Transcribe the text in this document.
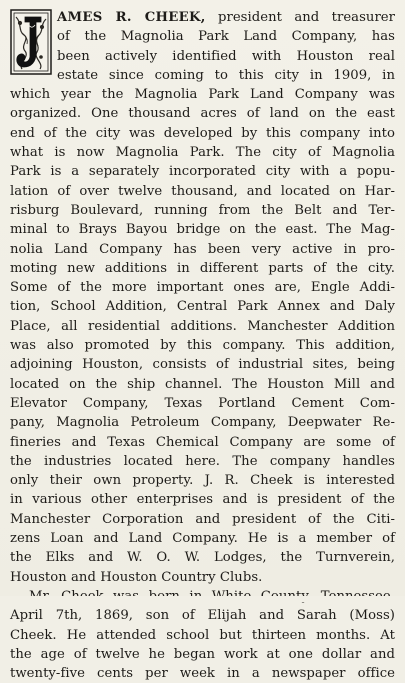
AMES R. CHEEK, president and treasurer
of the Magnolia Park Land Company, has
been actively identified with Houston real
estate since coming to this city in 1909, in
which year the Magnolia Park Land Company was
organized. One thousand acres of land on the east
end of the city was developed by this company into
what is now Magnolia Park. The city of Magnolia
Park is a separately incorporated city with a popu-
lation of over twelve thousand, and located on Har-
risburg Boulevard, running from the Belt and Ter-
minal to Brays Bayou bridge on the east. The Mag-
nolia Land Company has been very active in pro-
moting new additions in different parts of the city.
Some of the more important ones are, Engle Addi-
tion, School Addition, Central Park Annex and Daly
Place, all residential additions. Manchester Addition
was also promoted by this company. This addition,
adjoining Houston, consists of industrial sites, being
located on the ship channel. The Houston Mill and
Elevator Company, Texas Portland Cement Com-
pany, Magnolia Petroleum Company, Deepwater Re-
fineries and Texas Chemical Company are some of
the industries located here. The company handles
only their own property. J. R. Cheek is interested
in various other enterprises and is president of the
Manchester Corporation and president of the Citi-
zens Loan and Land Company. He is a member of
the Elks and W. O. W. Lodges, the Turnverein,
Houston and Houston Country Clubs.
April 7th, 1869, son of Elijah and Sarah (Moss)
Cheek. He attended school but thirteen months. At
the age of twelve he began work at one dollar and
twenty-five cents per week in a newspaper office
